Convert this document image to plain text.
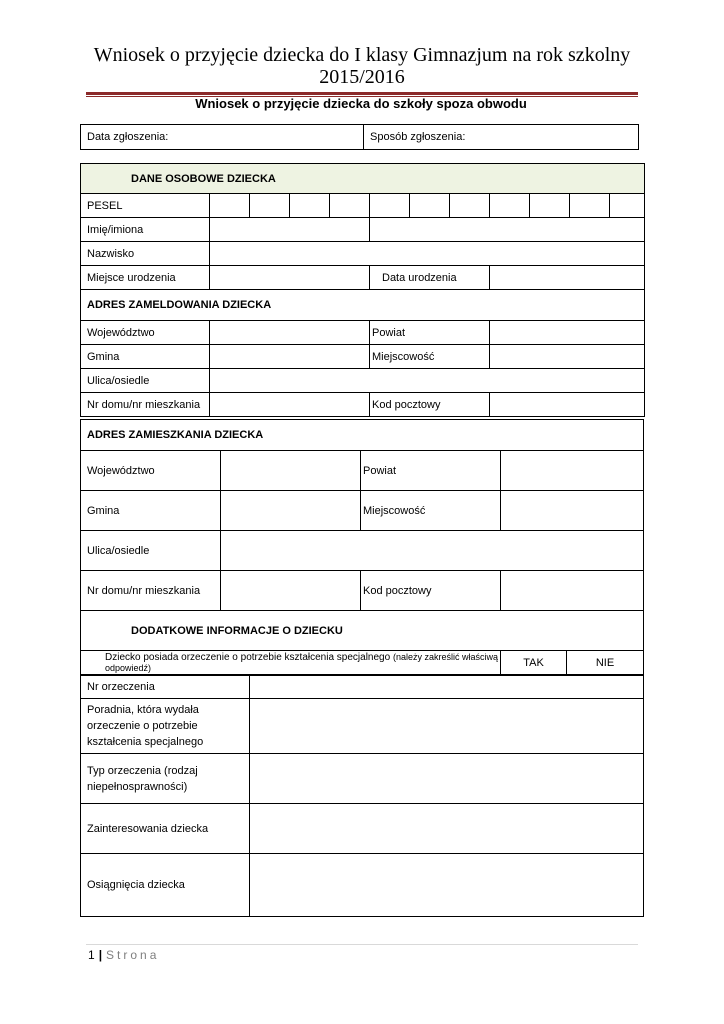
Wniosek o przyjęcie dziecka do I klasy Gimnazjum na rok szkolny
2015/2016
Wniosek o przyjęcie dziecka do szkoły spoza obwodu
Data zgłoszenia:	Sposób zgłoszenia:
DANE OSOBOWE DZIECKA											
PESEL											
Imię/imiona											
Nazwisko											
Miejsce urodzenia					Data urodzenia						
ADRES ZAMELDOWANIA DZIECKA											
Województwo					Powiat						
Gmina					Miejscowość						
Ulica/osiedle											
Nr domu/nr mieszkania					Kod pocztowy						
ADRES ZAMIESZKANIA DZIECKA				
Województwo		Powiat		
Gmina		Miejscowość		
Ulica/osiedle				
Nr domu/nr mieszkania		Kod pocztowy		
DODATKOWE INFORMACJE O DZIECKU				
Dziecko posiada orzeczenie o potrzebie kształcenia specjalnego (należy zakreślić właściwą odpowiedź)			TAK	NIE
Nr orzeczenia	
Poradnia, która wydała orzeczenie o potrzebie kształcenia specjalnego	
Typ orzeczenia (rodzaj niepełnosprawności)	
Zainteresowania dziecka	
Osiągnięcia dziecka	
1 | Strona
